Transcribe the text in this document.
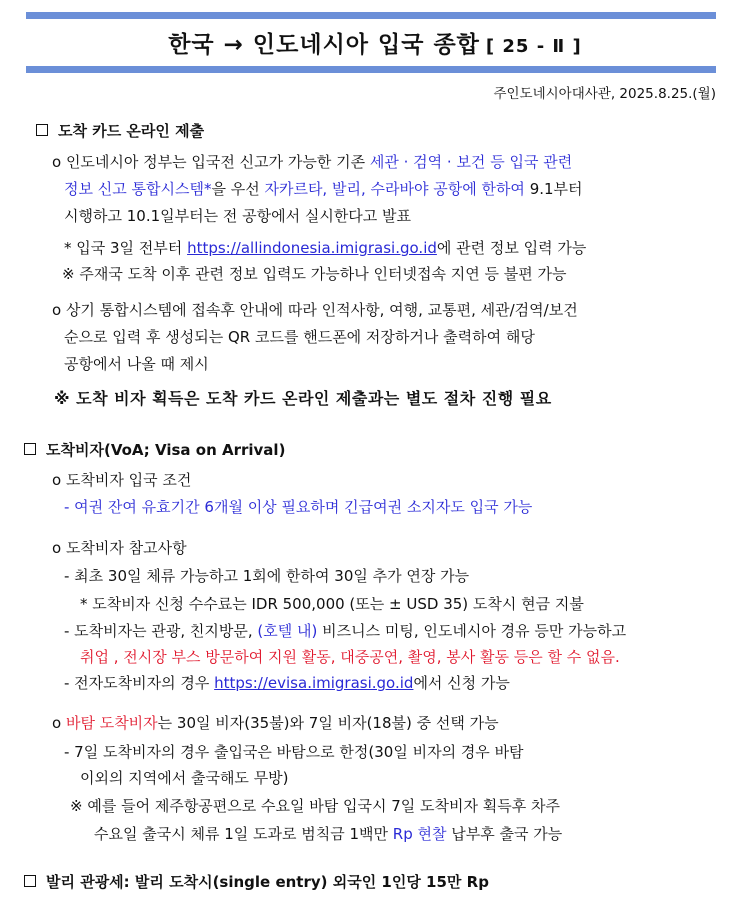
한국 → 인도네시아 입국 종합 [ 25 - Ⅱ ]
주인도네시아대사관, 2025.8.25.(월)
도착 카드 온라인 제출
o 인도네시아 정부는 입국전 신고가 가능한 기존 세관 · 검역 · 보건 등 입국 관련
정보 신고 통합시스템*을 우선 자카르타, 발리, 수라바야 공항에 한하여 9.1부터
시행하고 10.1일부터는 전 공항에서 실시한다고 발표
* 입국 3일 전부터 https://allindonesia.imigrasi.go.id에 관련 정보 입력 가능
※ 주재국 도착 이후 관련 정보 입력도 가능하나 인터넷접속 지연 등 불편 가능
o 상기 통합시스템에 접속후 안내에 따라 인적사항, 여행, 교통편, 세관/검역/보건
순으로 입력 후 생성되는 QR 코드를 핸드폰에 저장하거나 출력하여 해당
공항에서 나올 때 제시
※ 도착 비자 획득은 도착 카드 온라인 제출과는 별도 절차 진행 필요
도착비자(VoA; Visa on Arrival)
o 도착비자 입국 조건
- 여권 잔여 유효기간 6개월 이상 필요하며 긴급여권 소지자도 입국 가능
o 도착비자 참고사항
- 최초 30일 체류 가능하고 1회에 한하여 30일 추가 연장 가능
* 도착비자 신청 수수료는 IDR 500,000 (또는 ± USD 35) 도착시 현금 지불
- 도착비자는 관광, 친지방문, (호텔 내) 비즈니스 미팅, 인도네시아 경유 등만 가능하고
취업 , 전시장 부스 방문하여 지원 활동, 대중공연, 촬영, 봉사 활동 등은 할 수 없음.
- 전자도착비자의 경우 https://evisa.imigrasi.go.id에서 신청 가능
o 바탐 도착비자는 30일 비자(35불)와 7일 비자(18불) 중 선택 가능
- 7일 도착비자의 경우 출입국은 바탐으로 한정(30일 비자의 경우 바탐
이외의 지역에서 출국해도 무방)
※ 예를 들어 제주항공편으로 수요일 바탐 입국시 7일 도착비자 획득후 차주
수요일 출국시 체류 1일 도과로 범칙금 1백만 Rp 현찰 납부후 출국 가능
발리 관광세: 발리 도착시(single entry) 외국인 1인당 15만 Rp
